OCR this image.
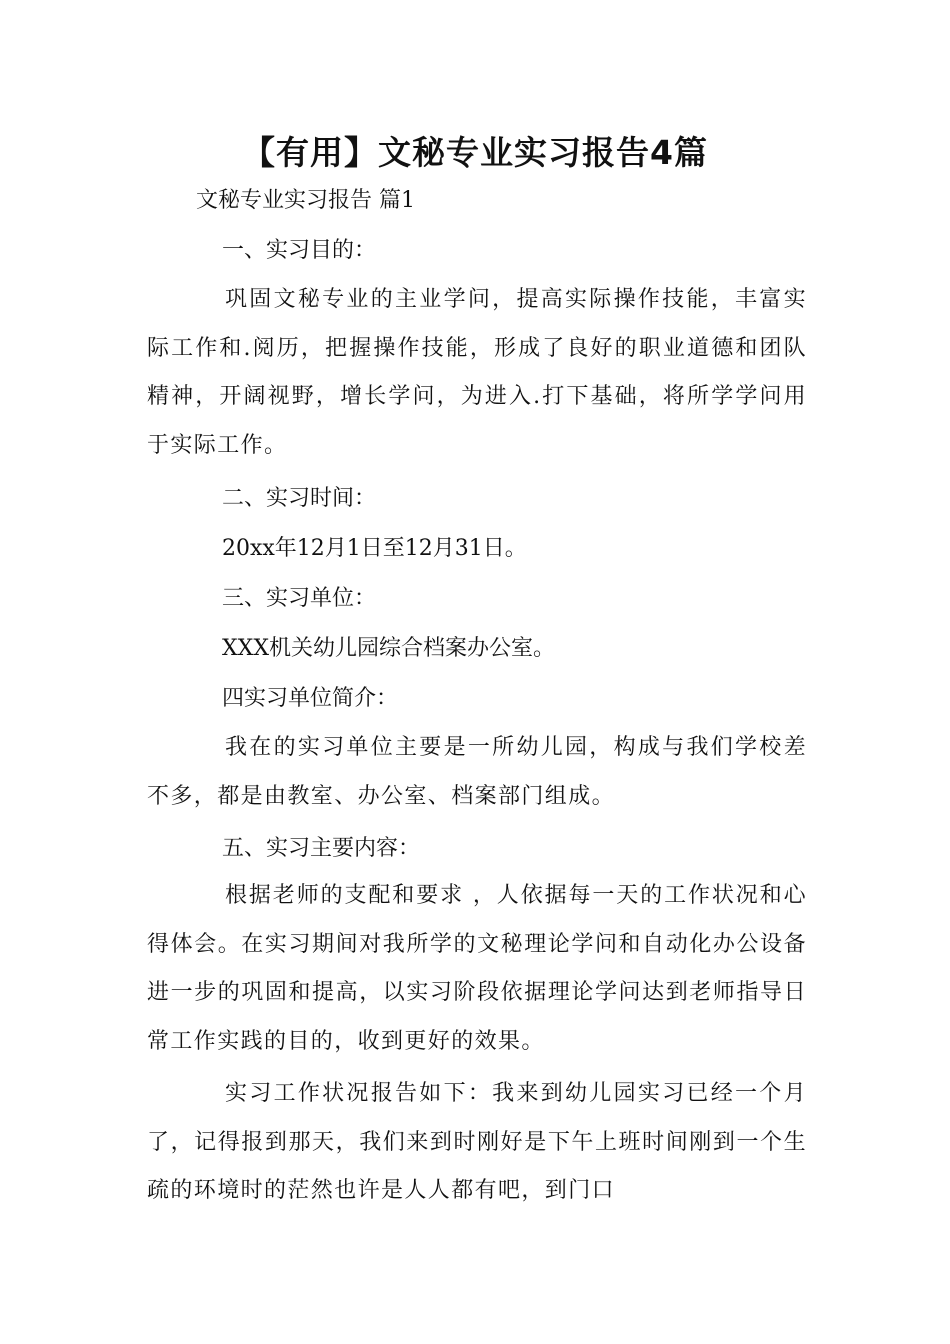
【有用】文秘专业实习报告4篇

文秘专业实习报告 篇1

一、实习目的：

巩固文秘专业的主业学问，提高实际操作技能，丰富实际工作和.阅历，把握操作技能，形成了良好的职业道德和团队精神，开阔视野，增长学问，为进入.打下基础，将所学学问用于实际工作。

二、实习时间：

20xx年12月1日至12月31日。

三、实习单位：

XXX机关幼儿园综合档案办公室。

四实习单位简介：

我在的实习单位主要是一所幼儿园，构成与我们学校差不多，都是由教室、办公室、档案部门组成。

五、实习主要内容：

根据老师的支配和要求 ，人依据每一天的工作状况和心得体会。在实习期间对我所学的文秘理论学问和自动化办公设备进一步的巩固和提高，以实习阶段依据理论学问达到老师指导日常工作实践的目的，收到更好的效果。

实习工作状况报告如下：我来到幼儿园实习已经一个月了，记得报到那天，我们来到时刚好是下午上班时间刚到一个生疏的环境时的茫然也许是人人都有吧，到门口
